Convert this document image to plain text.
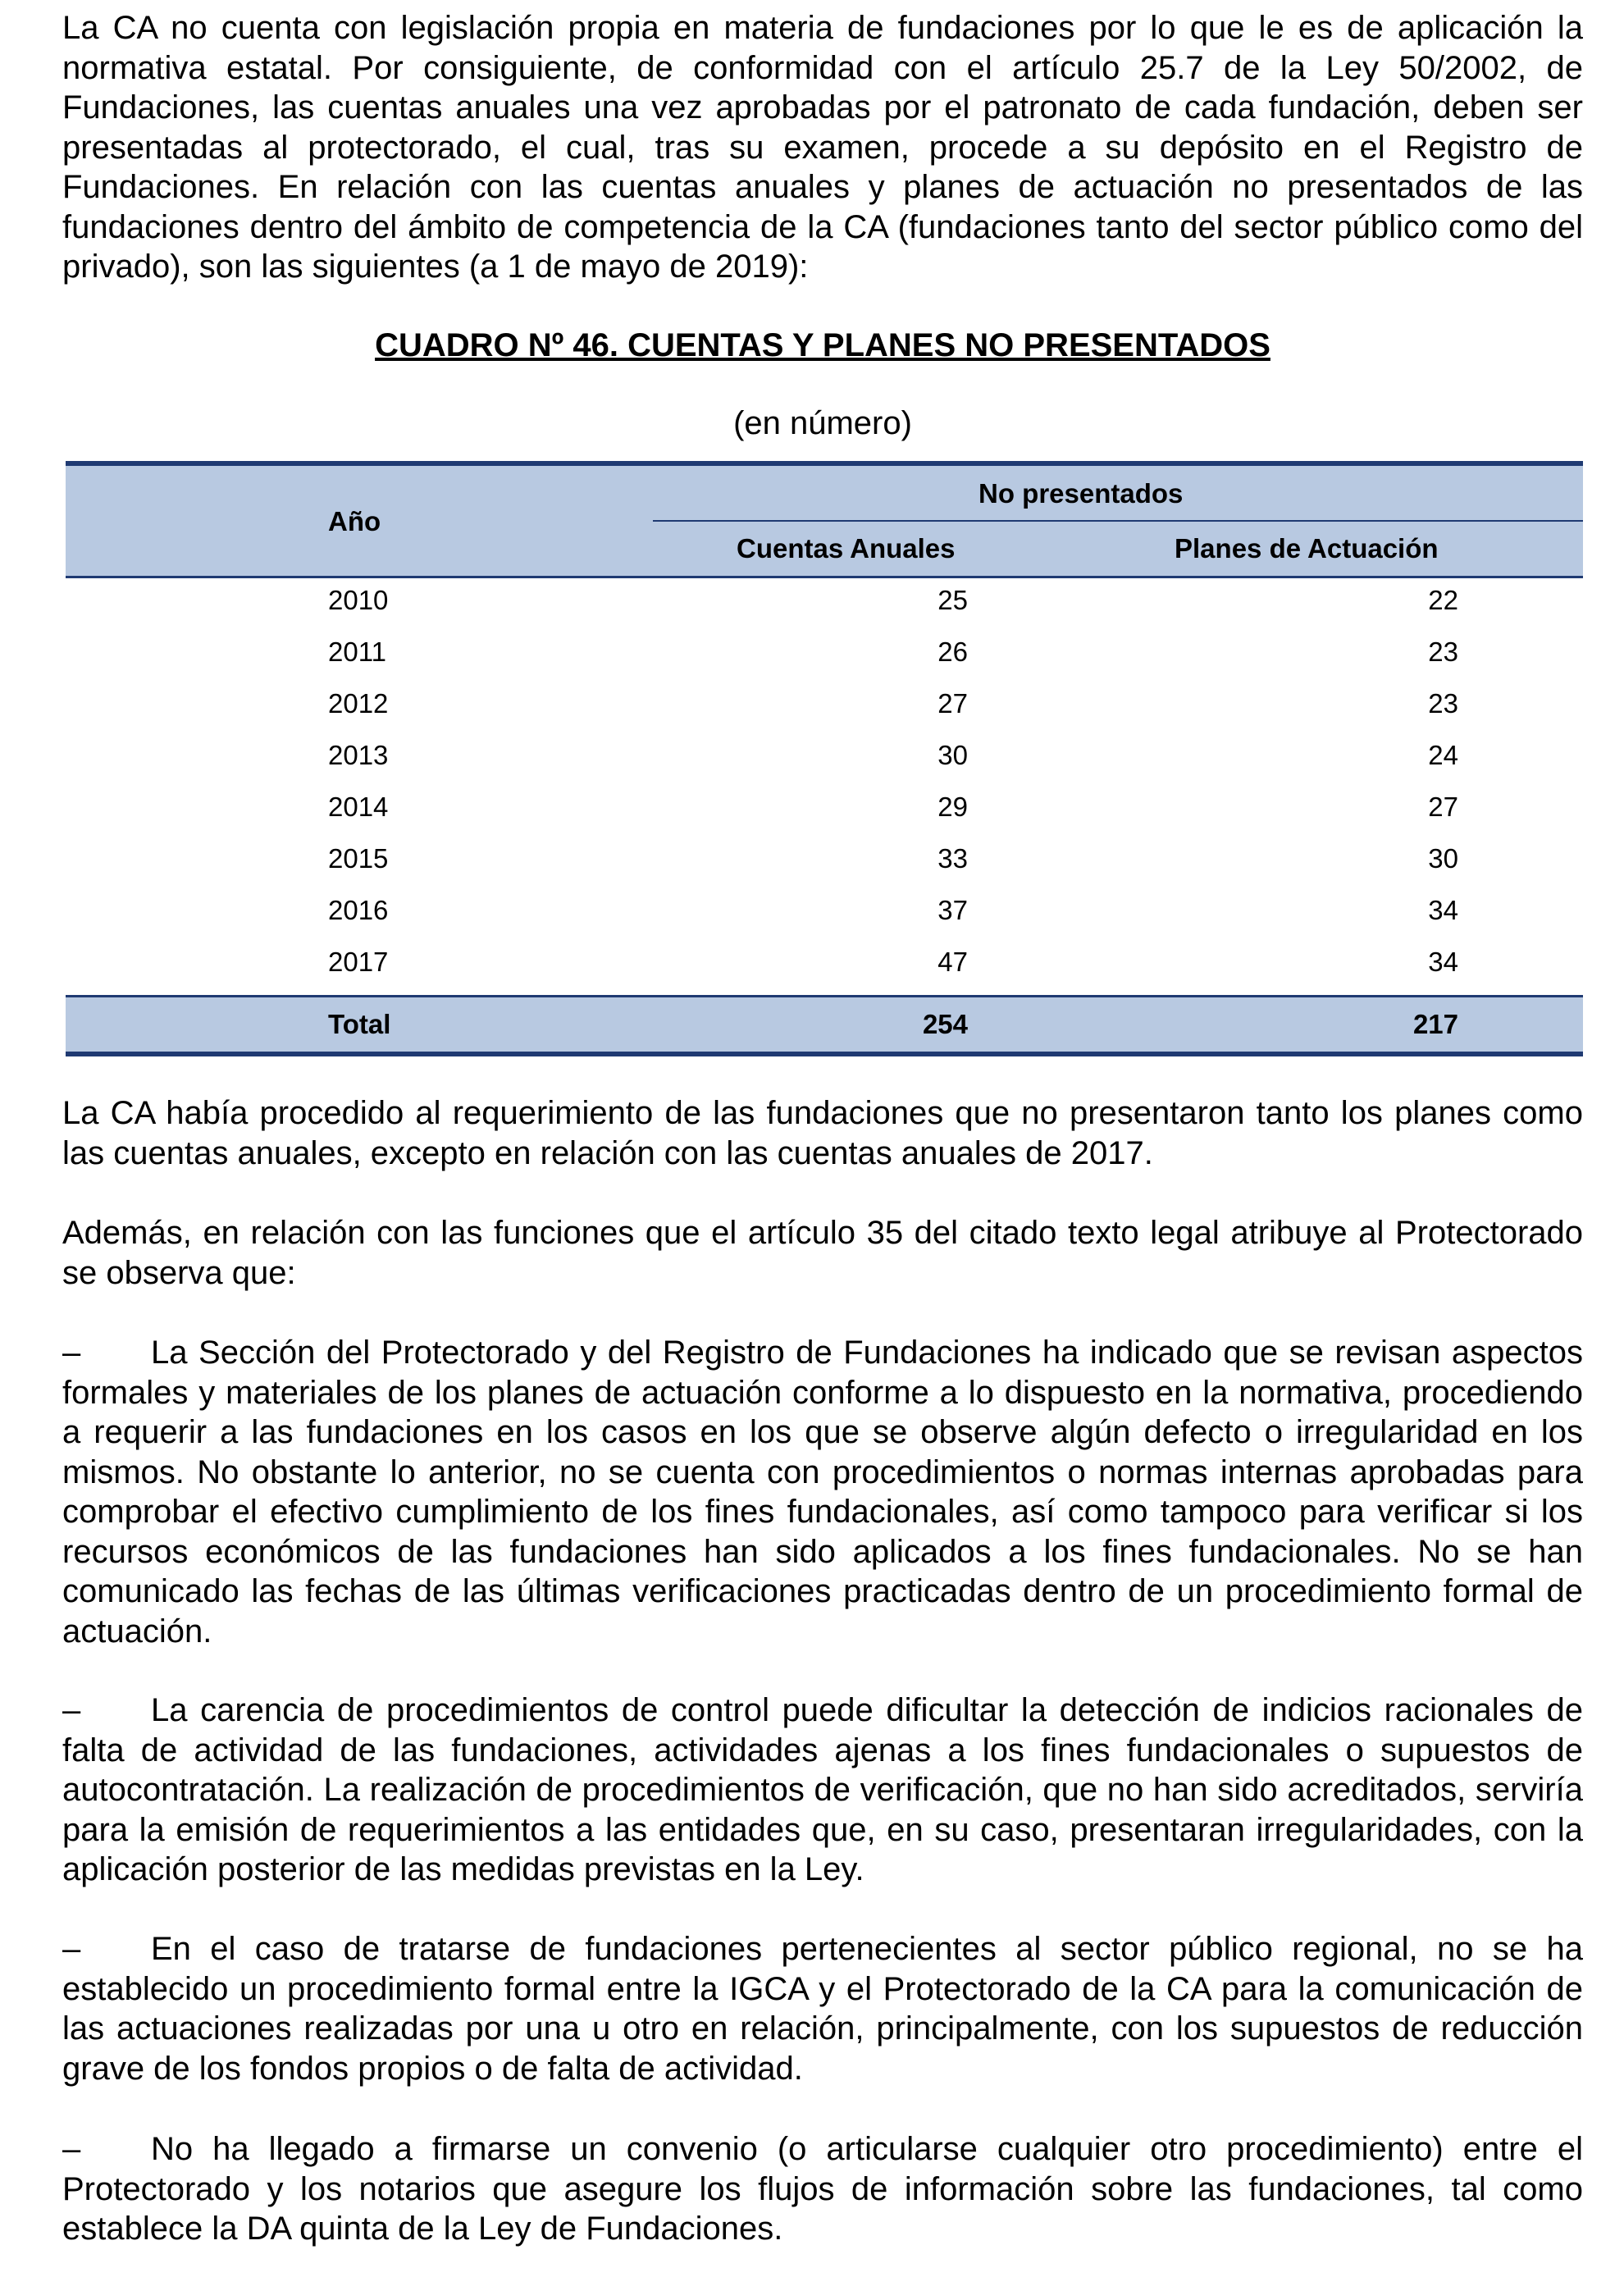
La CA no cuenta con legislación propia en materia de fundaciones por lo que le es de aplicación la normativa estatal. Por consiguiente, de conformidad con el artículo 25.7 de la Ley 50/2002, de Fundaciones, las cuentas anuales una vez aprobadas por el patronato de cada fundación, deben ser presentadas al protectorado, el cual, tras su examen, procede a su depósito en el Registro de Fundaciones. En relación con las cuentas anuales y planes de actuación no presentados de las fundaciones dentro del ámbito de competencia de la CA (fundaciones tanto del sector público como del privado), son las siguientes (a 1 de mayo de 2019):

CUADRO Nº 46. CUENTAS Y PLANES NO PRESENTADOS
(en número)
Año
No presentados
Cuentas Anuales	Planes de Actuación
2010	25	22
2011	26	23
2012	27	23
2013	30	24
2014	29	27
2015	33	30
2016	37	34
2017	47	34
Total	254	217

La CA había procedido al requerimiento de las fundaciones que no presentaron tanto los planes como las cuentas anuales, excepto en relación con las cuentas anuales de 2017.

Además, en relación con las funciones que el artículo 35 del citado texto legal atribuye al Protectorado se observa que:

–	La Sección del Protectorado y del Registro de Fundaciones ha indicado que se revisan aspectos formales y materiales de los planes de actuación conforme a lo dispuesto en la normativa, procediendo a requerir a las fundaciones en los casos en los que se observe algún defecto o irregularidad en los mismos. No obstante lo anterior, no se cuenta con procedimientos o normas internas aprobadas para comprobar el efectivo cumplimiento de los fines fundacionales, así como tampoco para verificar si los recursos económicos de las fundaciones han sido aplicados a los fines fundacionales. No se han comunicado las fechas de las últimas verificaciones practicadas dentro de un procedimiento formal de actuación.

–	La carencia de procedimientos de control puede dificultar la detección de indicios racionales de falta de actividad de las fundaciones, actividades ajenas a los fines fundacionales o supuestos de autocontratación. La realización de procedimientos de verificación, que no han sido acreditados, serviría para la emisión de requerimientos a las entidades que, en su caso, presentaran irregularidades, con la aplicación posterior de las medidas previstas en la Ley.

–	En el caso de tratarse de fundaciones pertenecientes al sector público regional, no se ha establecido un procedimiento formal entre la IGCA y el Protectorado de la CA para la comunicación de las actuaciones realizadas por una u otro en relación, principalmente, con los supuestos de reducción grave de los fondos propios o de falta de actividad.

–	No ha llegado a firmarse un convenio (o articularse cualquier otro procedimiento) entre el Protectorado y los notarios que asegure los flujos de información sobre las fundaciones, tal como establece la DA quinta de la Ley de Fundaciones.
